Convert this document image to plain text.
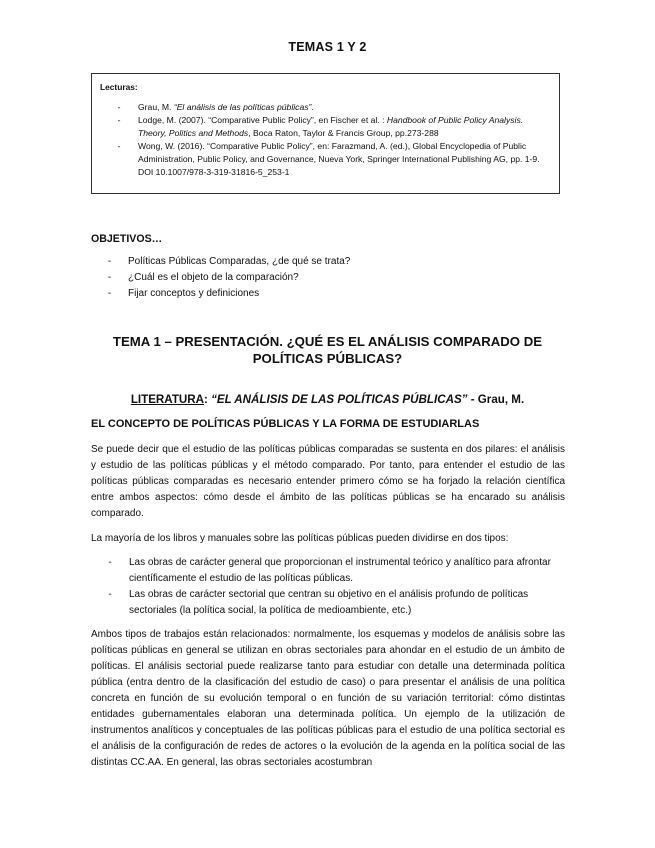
TEMAS 1 Y 2
Lecturas:
-	Grau, M. “El análisis de las políticas públicas”.
-	Lodge, M. (2007). “Comparative Public Policy”, en Fischer et al. : Handbook of Public Policy Analysis. Theory, Politics and Methods, Boca Raton, Taylor & Francis Group, pp.273-288
-	Wong, W. (2016). “Comparative Public Policy”, en: Farazmand, A. (ed.), Global Encyclopedia of Public Administration, Public Policy, and Governance, Nueva York, Springer International Publishing AG, pp. 1-9. DOI 10.1007/978-3-319-31816-5_253-1
OBJETIVOS…
-	Políticas Públicas Comparadas, ¿de qué se trata?
-	¿Cuál es el objeto de la comparación?
-	Fijar conceptos y definiciones
TEMA 1 – PRESENTACIÓN. ¿QUÉ ES EL ANÁLISIS COMPARADO DE POLÍTICAS PÚBLICAS?
LITERATURA: “EL ANÁLISIS DE LAS POLÍTICAS PÚBLICAS” - Grau, M.
EL CONCEPTO DE POLÍTICAS PÚBLICAS Y LA FORMA DE ESTUDIARLAS
Se puede decir que el estudio de las políticas públicas comparadas se sustenta en dos pilares: el análisis y estudio de las políticas públicas y el método comparado. Por tanto, para entender el estudio de las políticas públicas comparadas es necesario entender primero cómo se ha forjado la relación científica entre ambos aspectos: cómo desde el ámbito de las políticas públicas se ha encarado su análisis comparado.
La mayoría de los libros y manuales sobre las políticas públicas pueden dividirse en dos tipos:
-	Las obras de carácter general que proporcionan el instrumental teórico y analítico para afrontar científicamente el estudio de las políticas públicas.
-	Las obras de carácter sectorial que centran su objetivo en el análisis profundo de políticas sectoriales (la política social, la política de medioambiente, etc.)
Ambos tipos de trabajos están relacionados: normalmente, los esquemas y modelos de análisis sobre las políticas públicas en general se utilizan en obras sectoriales para ahondar en el estudio de un ámbito de políticas. El análisis sectorial puede realizarse tanto para estudiar con detalle una determinada política pública (entra dentro de la clasificación del estudio de caso) o para presentar el análisis de una política concreta en función de su evolución temporal o en función de su variación territorial: cómo distintas entidades gubernamentales elaboran una determinada política. Un ejemplo de la utilización de instrumentos analíticos y conceptuales de las políticas públicas para el estudio de una política sectorial es el análisis de la configuración de redes de actores o la evolución de la agenda en la política social de las distintas CC.AA. En general, las obras sectoriales acostumbran
